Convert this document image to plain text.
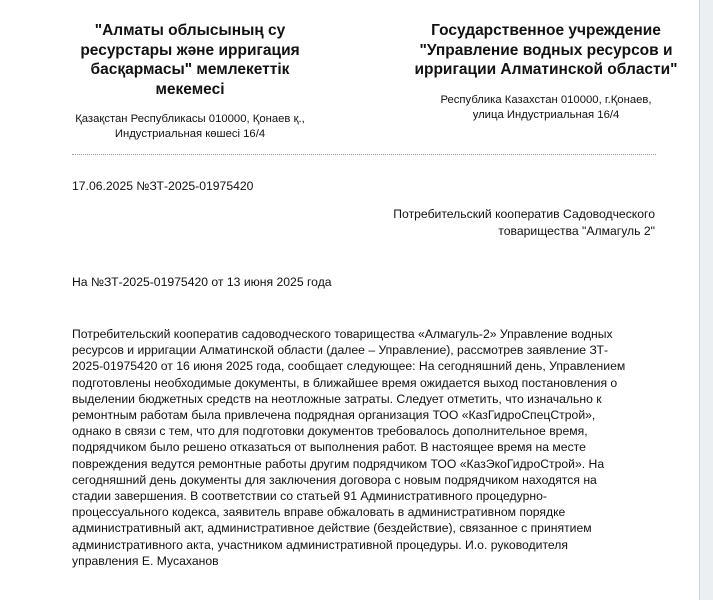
"Алматы облысының су
ресурстары және ирригация
басқармасы" мемлекеттік мекемесі
Қазақстан Республикасы 010000, Қонаев қ.,
Индустриальная көшесі 16/4
Государственное учреждение
"Управление водных ресурсов и
ирригации Алматинской области"
Республика Казахстан 010000, г.Қонаев,
улица Индустриальная 16/4
17.06.2025 №ЗТ-2025-01975420
Потребительский кооператив Садоводческого
товарищества "Алмагуль 2"
На №ЗТ-2025-01975420 от 13 июня 2025 года
Потребительский кооператив садоводческого товарищества «Алмагуль-2» Управление водных
ресурсов и ирригации Алматинской области (далее – Управление), рассмотрев заявление ЗТ-
2025-01975420 от 16 июня 2025 года, сообщает следующее: На сегодняшний день, Управлением
подготовлены необходимые документы, в ближайшее время ожидается выход постановления о
выделении бюджетных средств на неотложные затраты. Следует отметить, что изначально к
ремонтным работам была привлечена подрядная организация ТОО «КазГидроСпецСтрой»,
однако в связи с тем, что для подготовки документов требовалось дополнительное время,
подрядчиком было решено отказаться от выполнения работ. В настоящее время на месте
повреждения ведутся ремонтные работы другим подрядчиком ТОО «КазЭкоГидроСтрой». На
сегодняшний день документы для заключения договора с новым подрядчиком находятся на
стадии завершения. В соответствии со статьей 91 Административного процедурно-
процессуального кодекса, заявитель вправе обжаловать в административном порядке
административный акт, административное действие (бездействие), связанное с принятием
административного акта, участником административной процедуры. И.о. руководителя
управления Е. Мусаханов
